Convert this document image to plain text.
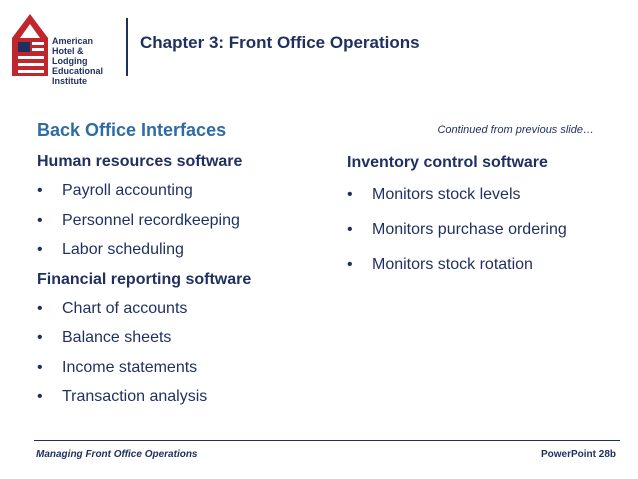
American
Hotel & Lodging
Educational Institute
Chapter 3: Front Office Operations
Back Office Interfaces	Continued from previous slide…
Human resources software
• Payroll accounting
• Personnel recordkeeping
• Labor scheduling
Financial reporting software
• Chart of accounts
• Balance sheets
• Income statements
• Transaction analysis
Inventory control software
• Monitors stock levels
• Monitors purchase ordering
• Monitors stock rotation
Managing Front Office Operations	PowerPoint 28b
